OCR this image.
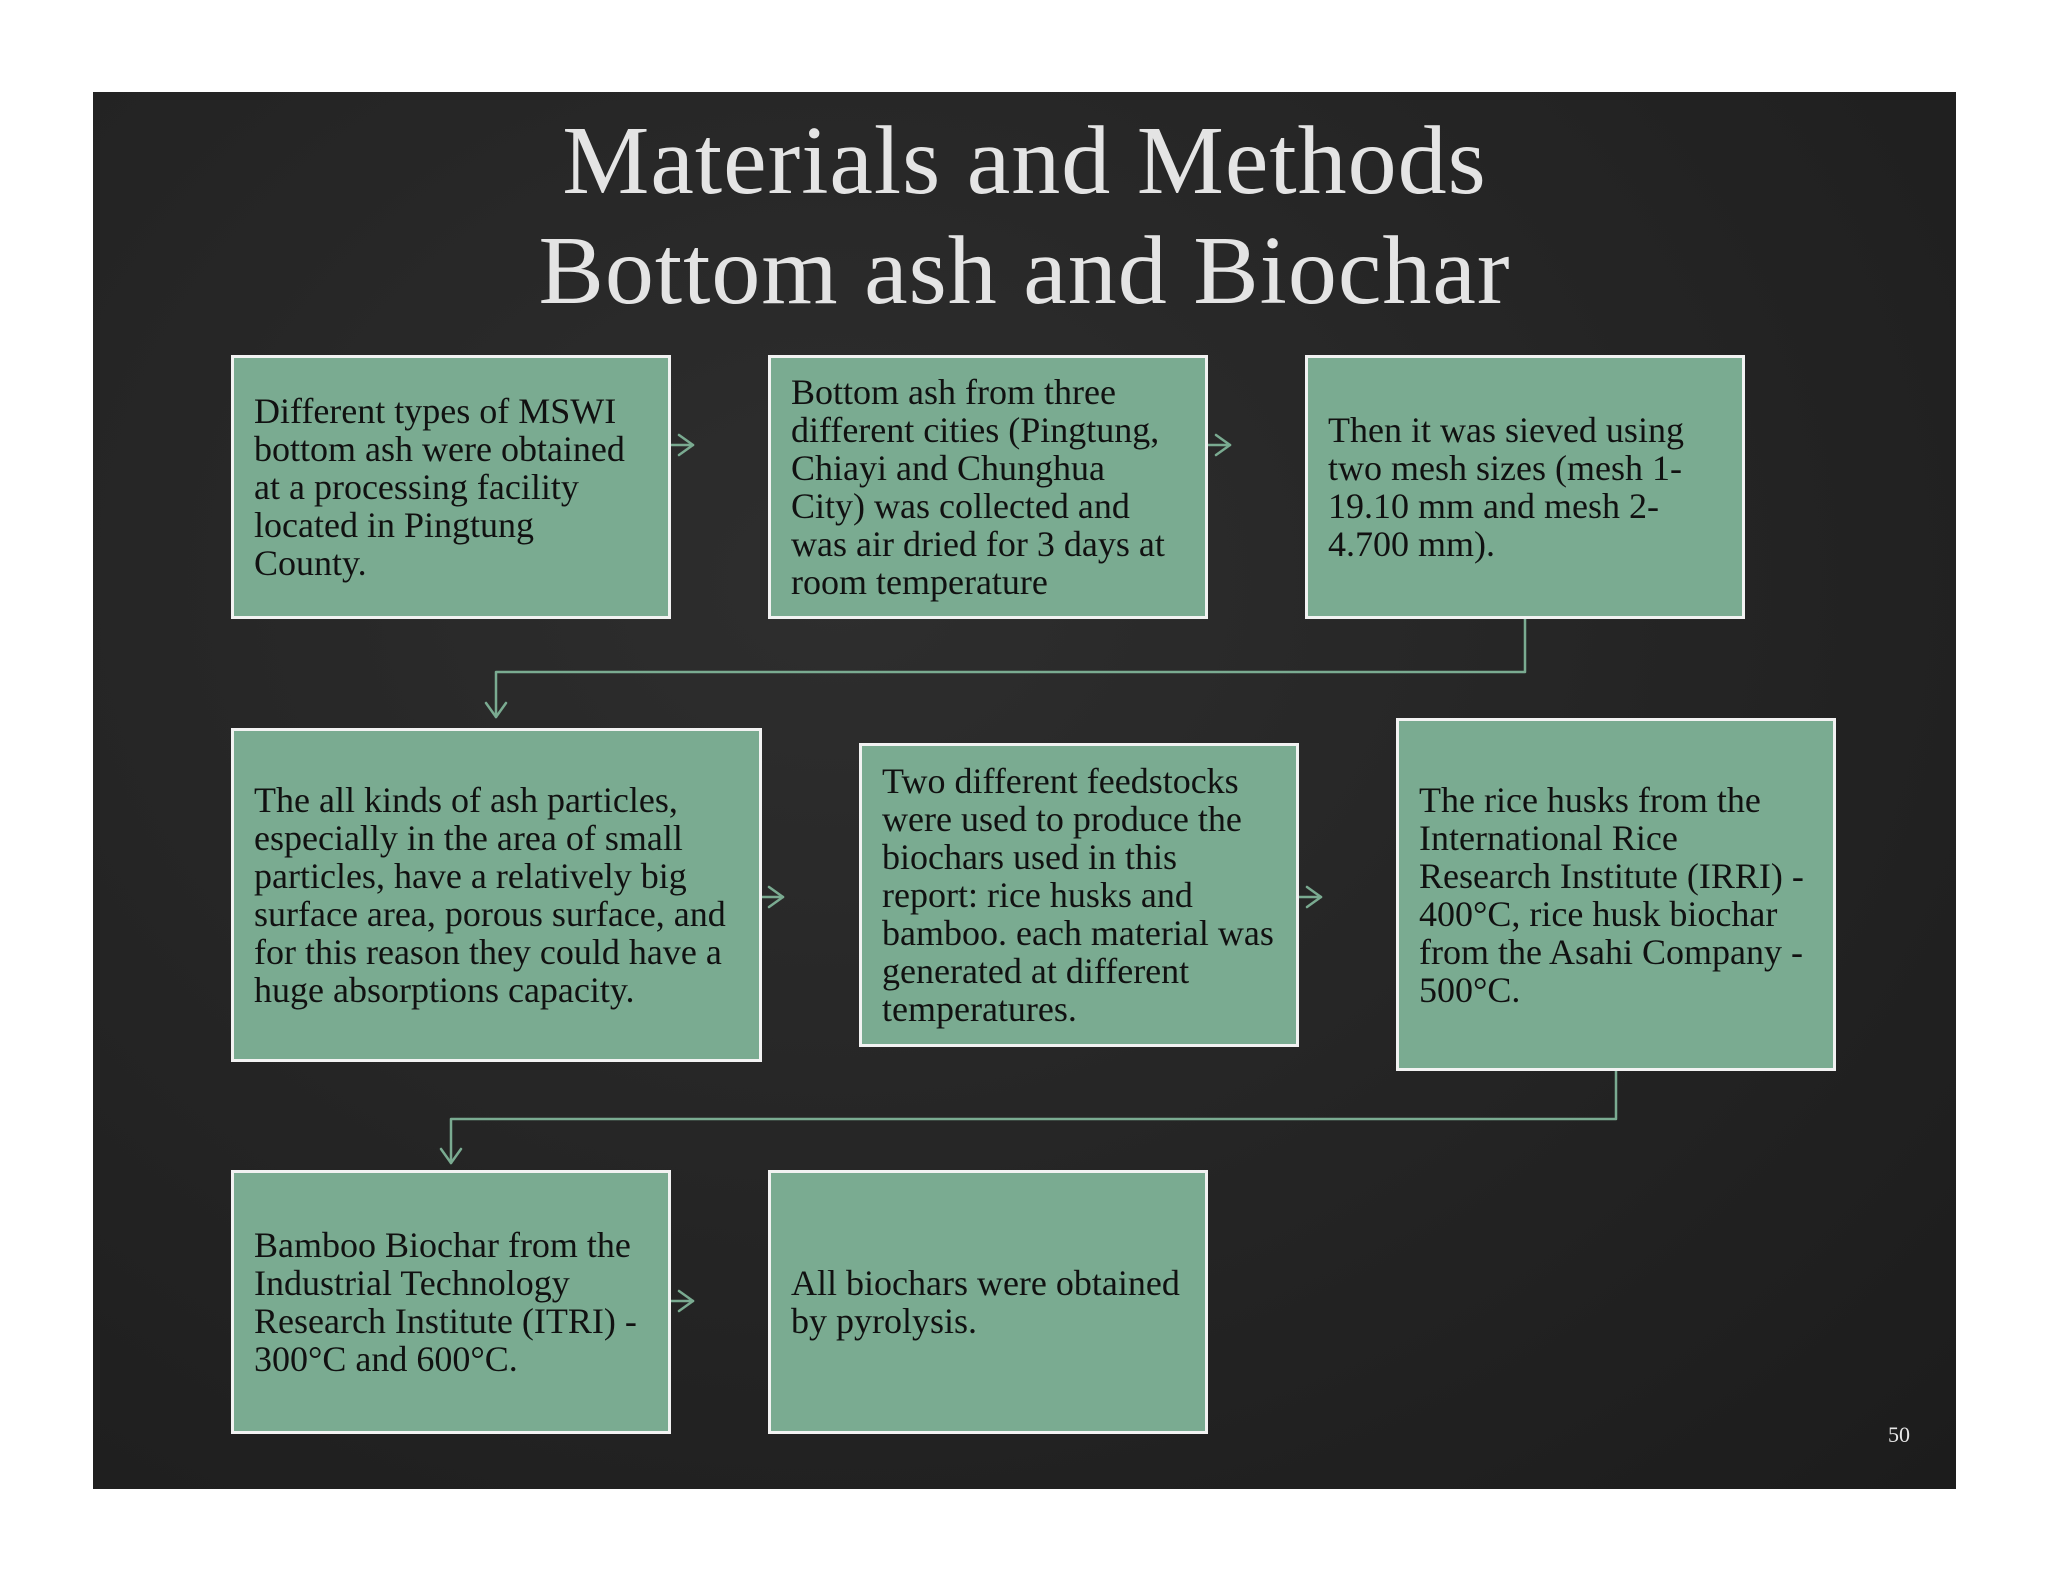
Materials and Methods
Bottom ash and Biochar
Different types of MSWI bottom ash were obtained at a processing facility located in Pingtung County.
Bottom ash from three different cities (Pingtung, Chiayi and Chunghua City) was collected and was air dried for 3 days at room temperature
Then it was sieved using two mesh sizes (mesh 1- 19.10 mm and mesh 2- 4.700 mm).
The all kinds of ash particles, especially in the area of small particles, have a relatively big surface area, porous surface, and for this reason they could have a huge absorptions capacity.
Two different feedstocks were used to produce the biochars used in this report: rice husks and bamboo. each material was generated at different temperatures.
The rice husks from the International Rice Research Institute (IRRI) - 400°C, rice husk biochar from the Asahi Company - 500°C.
Bamboo Biochar from the Industrial Technology Research Institute (ITRI) - 300°C and 600°C.
All biochars were obtained by pyrolysis.
50
